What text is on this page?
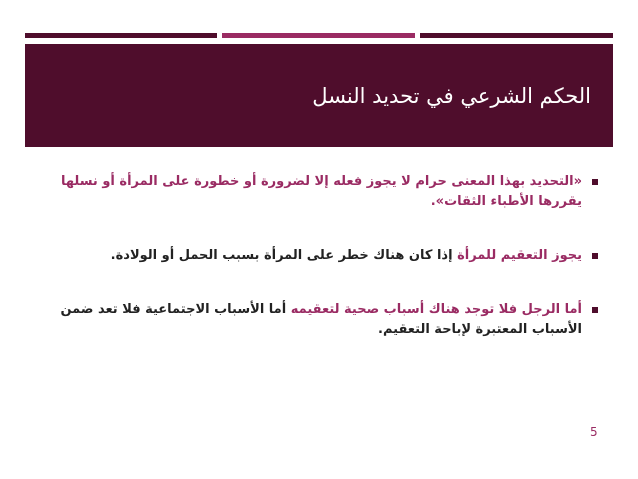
الحكم الشرعي في تحديد النسل
«التحديد بهذا المعنى حرام لا يجوز فعله إلا لضرورة أو خطورة على المرأة أو نسلها يقررها الأطباء الثقات».
يجوز التعقيم للمرأة إذا كان هناك خطر على المرأة بسبب الحمل أو الولادة.
أما الرجل فلا توجد هناك أسباب صحية لتعقيمه أما الأسباب الاجتماعية فلا تعد ضمن الأسباب المعتبرة لإباحة التعقيم.
5
